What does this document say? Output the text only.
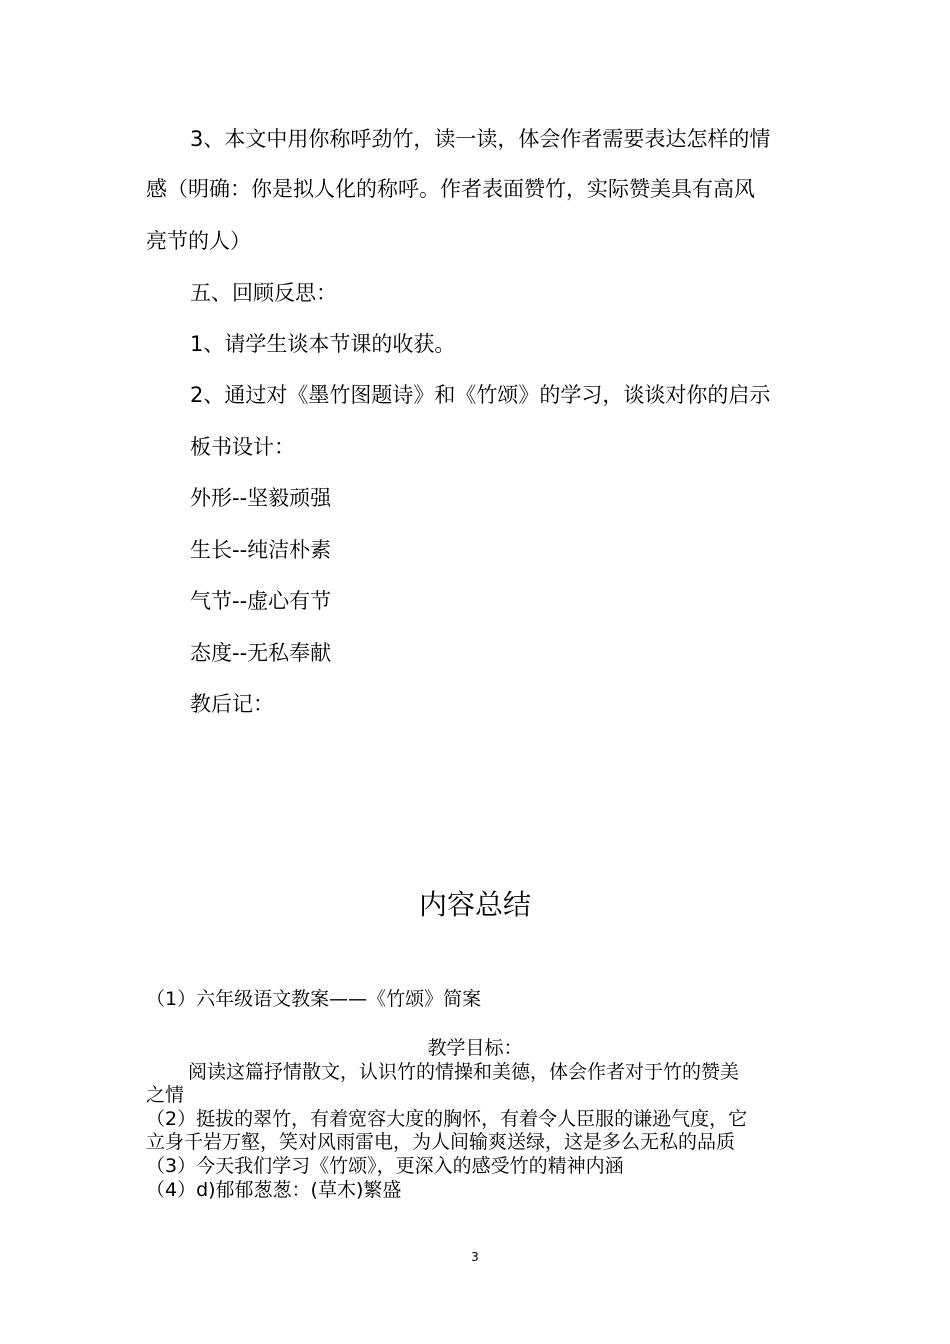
3、本文中用你称呼劲竹，读一读，体会作者需要表达怎样的情
感（明确：你是拟人化的称呼。作者表面赞竹，实际赞美具有高风
亮节的人）
五、回顾反思：
1、请学生谈本节课的收获。
2、通过对《墨竹图题诗》和《竹颂》的学习，谈谈对你的启示
板书设计：
外形--坚毅顽强
生长--纯洁朴素
气节--虚心有节
态度--无私奉献
教后记：
内容总结
（1）六年级语文教案——《竹颂》简案
教学目标：
阅读这篇抒情散文，认识竹的情操和美德，体会作者对于竹的赞美
之情
（2）挺拔的翠竹，有着宽容大度的胸怀，有着令人臣服的谦逊气度，它
立身千岩万壑，笑对风雨雷电，为人间输爽送绿，这是多么无私的品质
（3）今天我们学习《竹颂》，更深入的感受竹的精神内涵
（4）d)郁郁葱葱：(草木)繁盛
3
